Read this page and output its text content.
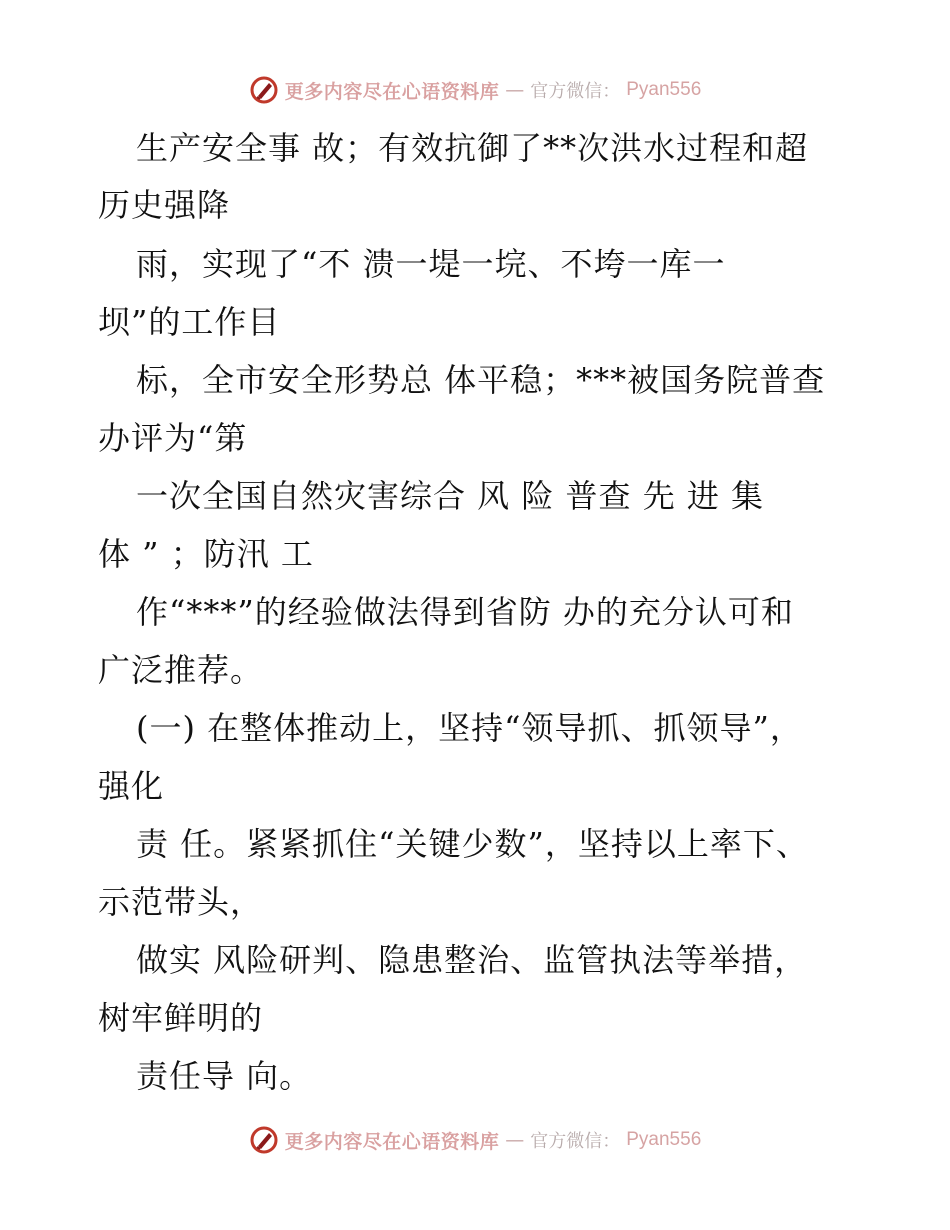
更多内容尽在心语资料库 — 官方微信： Pyan556
生产安全事 故；有效抗御了**次洪水过程和超
历史强降
雨，实现了“不 溃一堤一垸、不垮一库一
坝”的工作目
标，全市安全形势总 体平稳；***被国务院普查
办评为“第
一次全国自然灾害综合 风 险 普查 先 进 集
体 ” ；防汛 工
作“***”的经验做法得到省防 办的充分认可和
广泛推荐。
(一) 在整体推动上，坚持“领导抓、抓领导”，
强化
责 任。紧紧抓住“关键少数”，坚持以上率下、
示范带头，
做实 风险研判、隐患整治、监管执法等举措，
树牢鲜明的
责任导 向。
更多内容尽在心语资料库 — 官方微信： Pyan556
